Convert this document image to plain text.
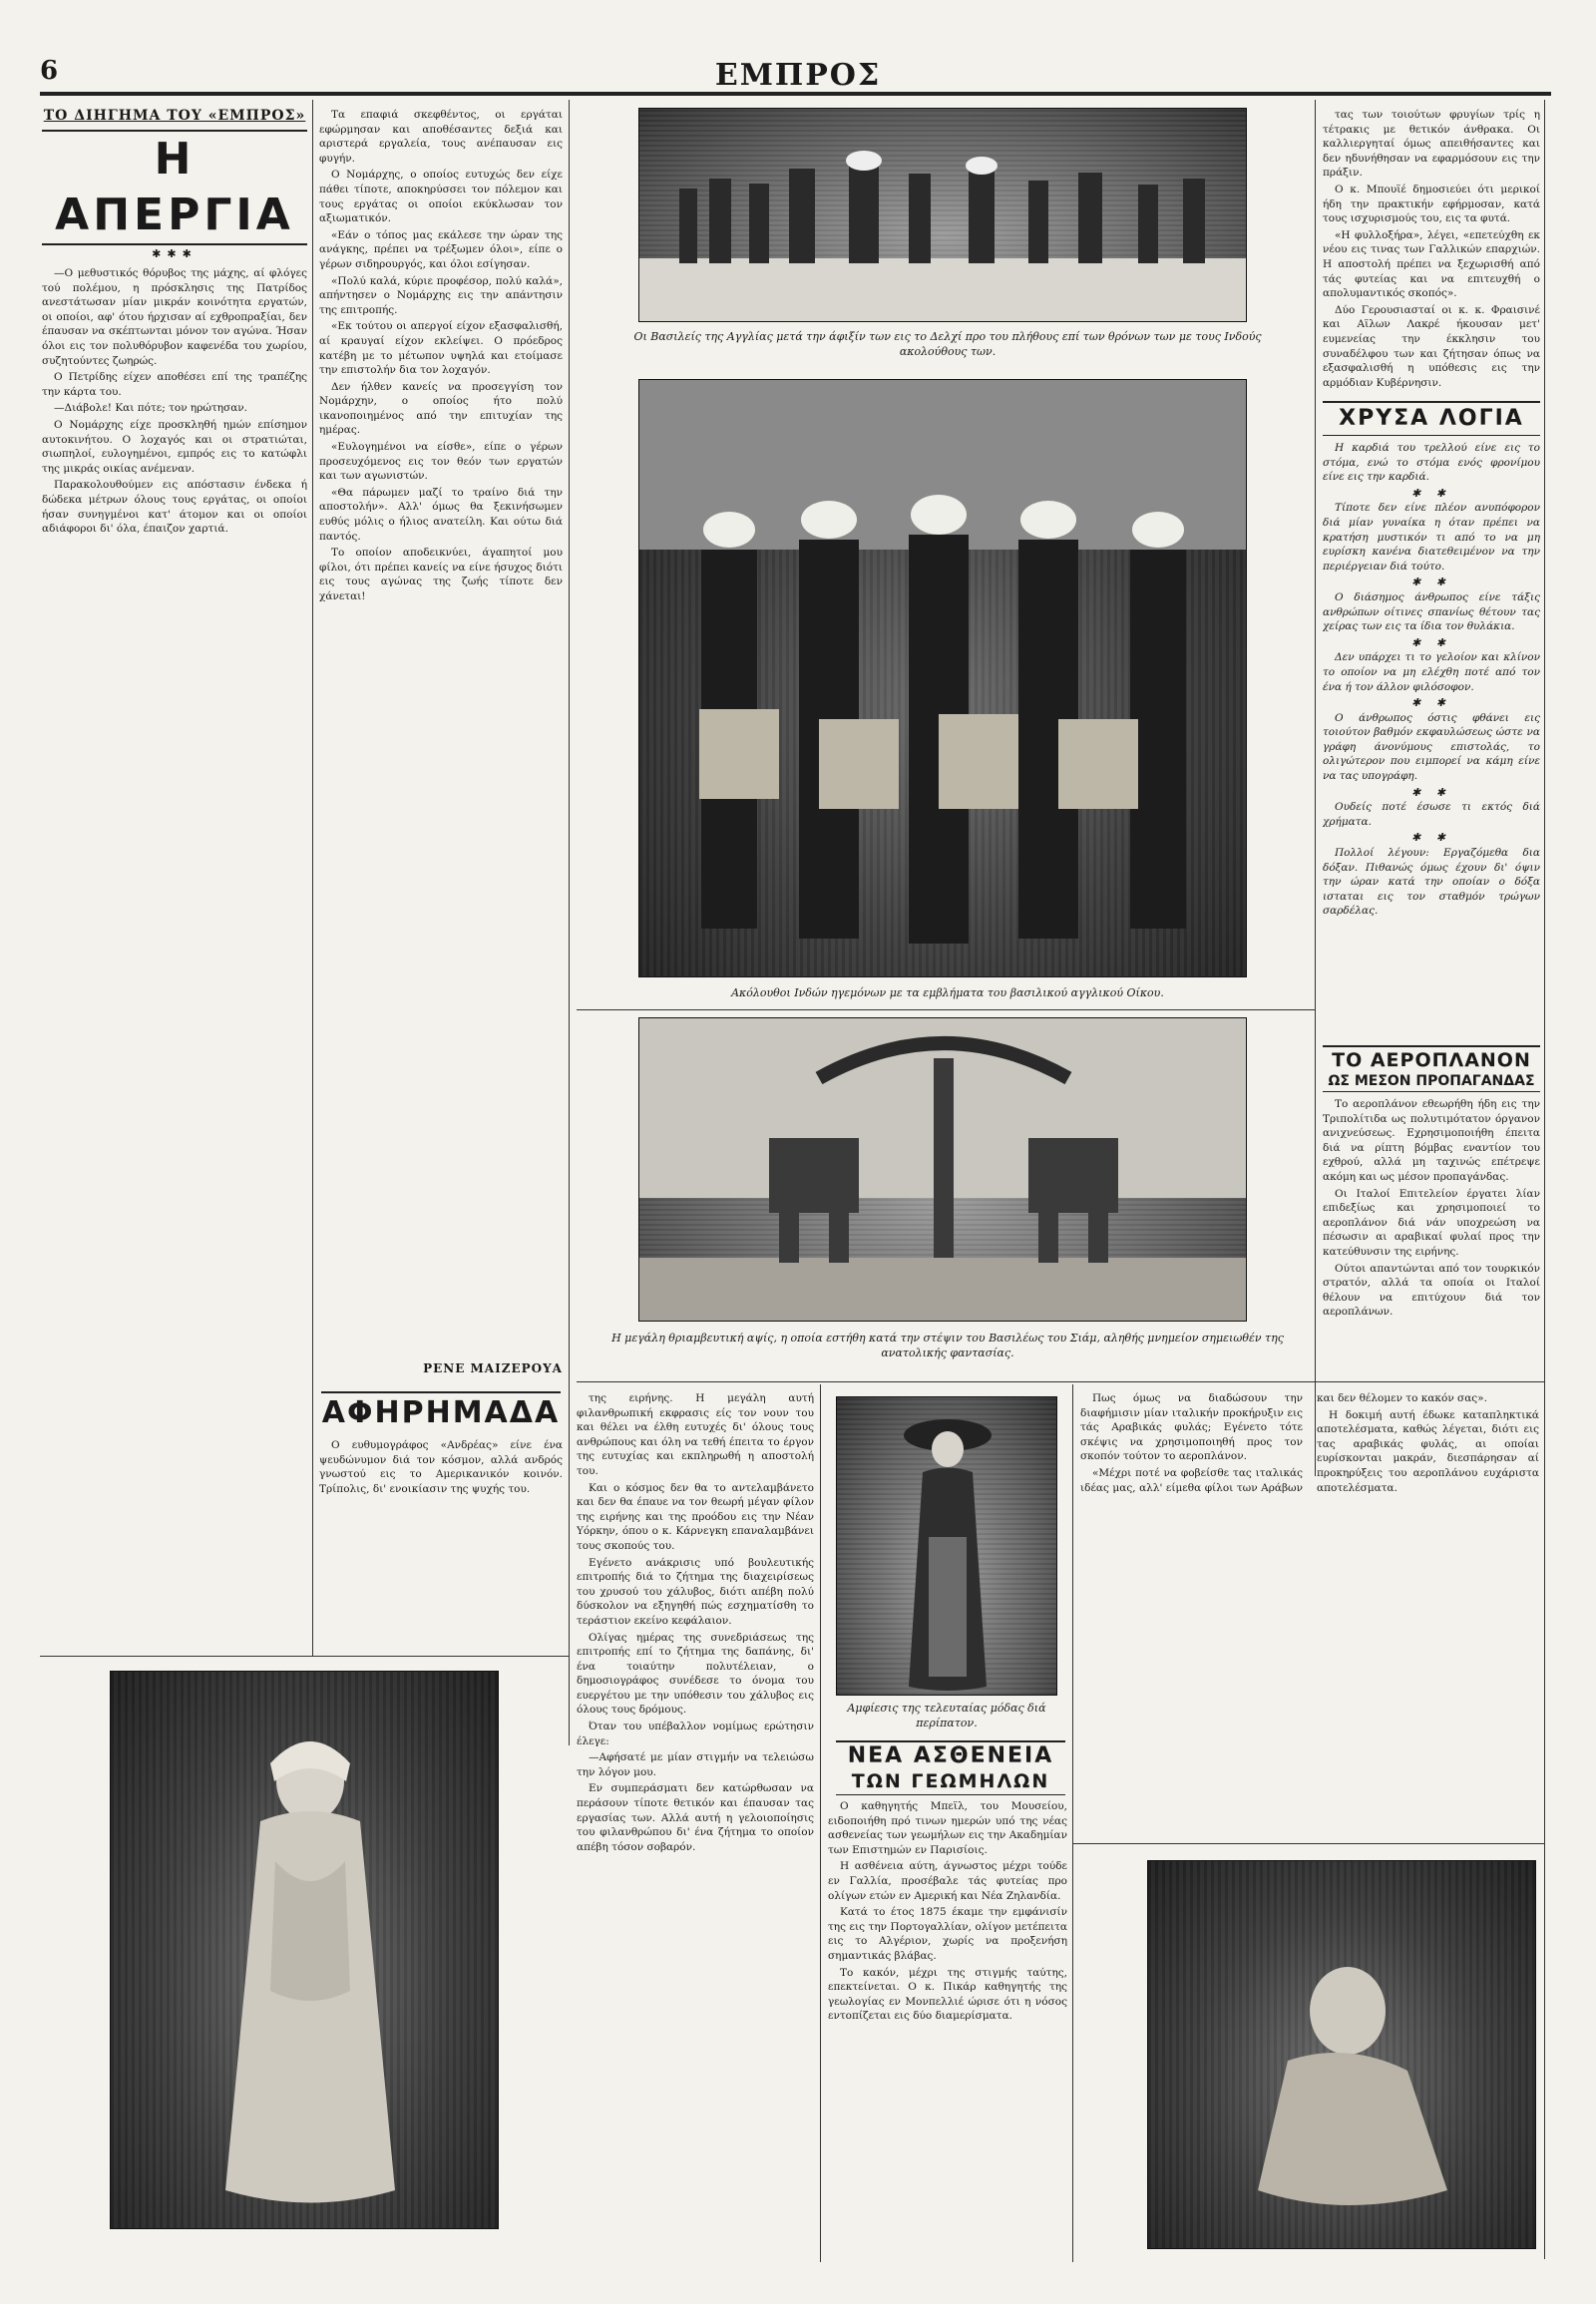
6	ΕΜΠΡΟΣ
ΤΟ ΔΙΗΓΗΜΑ ΤΟΥ «ΕΜΠΡΟΣ»
Η ΑΠΕΡΓΙΑ
✱✱✱

—Ο μεθυστικός θόρυβος της μάχης, αί φλόγες τού πολέμου, η πρόσκλησις της Πατρίδος ανεστάτωσαν μίαν μικράν κοινότητα εργατών, οι οποίοι, αφ' ότου ήρχισαν αί εχθροπραξίαι, δεν έπαυσαν να σκέπτωνται μόνον τον αγώνα. Ήσαν όλοι εις τον πολυθόρυβον καφενέδα του χωρίου, συζητούντες ζωηρώς.

Ο Πετρίδης είχεν αποθέσει επί της τραπέζης την κάρτα του.

—Διάβολε! Και πότε; τον ηρώτησαν.

Ο Νομάρχης είχε προσκληθή ημών επίσημον αυτοκινήτου. Ο λοχαγός και οι στρατιώται, σιωπηλοί, ευλογημένοι, εμπρός εις το κατώφλι της μικράς οικίας ανέμεναν.

Παρακολουθούμεν εις απόστασιν ένδεκα ή δώδεκα μέτρων όλους τους εργάτας, οι οποίοι ήσαν συνηγμένοι κατ' άτομον και οι οποίοι αδιάφοροι δι' όλα, έπαιζον χαρτιά.

Τα επαφιά σκεφθέντος, οι εργάται εφώρμησαν και αποθέσαντες δεξιά και αριστερά εργαλεία, τους ανέπαυσαν εις φυγήν.

Ο Νομάρχης, ο οποίος ευτυχώς δεν είχε πάθει τίποτε, αποκηρύσσει τον πόλεμον και τους εργάτας οι οποίοι εκύκλωσαν τον αξιωματικόν.

«Εάν ο τόπος μας εκάλεσε την ώραν της ανάγκης, πρέπει να τρέξωμεν όλοι», είπε ο γέρων σιδηρουργός, και όλοι εσίγησαν.

«Πολύ καλά, κύριε προφέσορ, πολύ καλά», απήντησεν ο Νομάρχης εις την απάντησιν της επιτροπής.

«Εκ τούτου οι απεργοί είχον εξασφαλισθή, αί κραυγαί είχον εκλείψει. Ο πρόεδρος κατέβη με το μέτωπον υψηλά και ετοίμασε την επιστολήν δια τον λοχαγόν.

Δεν ήλθεν κανείς να προσεγγίση τον Νομάρχην, ο οποίος ήτο πολύ ικανοποιημένος από την επιτυχίαν της ημέρας.

«Ευλογημένοι να είσθε», είπε ο γέρων προσευχόμενος εις τον θεόν των εργατών και των αγωνιστών.

«Θα πάρωμεν μαζί το τραίνο διά την αποστολήν». Αλλ' όμως θα ξεκινήσωμεν ευθύς μόλις ο ήλιος ανατείλη. Και ούτω διά παντός.

Το οποίον αποδεικνύει, άγαπητοί μου φίλοι, ότι πρέπει κανείς να είνε ήσυχος διότι εις τους αγώνας της ζωής τίποτε δεν χάνεται!

ΡΕΝΕ ΜΑΙΖΕΡΟΥΑ
ΑΦΗΡΗΜΑΔΑ

Ο ευθυμογράφος «Ανδρέας» είνε ένα ψευδώνυμον διά τον κόσμον, αλλά ανδρός γνωστού εις το Αμερικανικόν κοινόν. Τρίπολις, δι' ενοικίασιν της ψυχής του.

Οι Βασιλείς της Αγγλίας μετά την άφιξίν των εις το Δελχί προ του πλήθους επί των θρόνων των με τους Ινδούς ακολούθους των.
Ακόλουθοι Ινδών ηγεμόνων με τα εμβλήματα του βασιλικού αγγλικού Οίκου.
Η μεγάλη θριαμβευτική αψίς, η οποία εστήθη κατά την στέψιν του Βασιλέως του Σιάμ, αληθής μνημείον σημειωθέν της ανατολικής φαντασίας.

τας των τοιούτων φρυγίων τρίς η τέτρακις με θετικόν άνθρακα. Οι καλλιεργηταί όμως απειθήσαντες και δεν ηδυνήθησαν να εφαρμόσουν εις την πράξιν.

Ο κ. Μπουϊέ δημοσιεύει ότι μερικοί ήδη την πρακτικήν εφήρμοσαν, κατά τους ισχυρισμούς του, εις τα φυτά.

«Η φυλλοξήρα», λέγει, «επετεύχθη εκ νέου εις τινας των Γαλλικών επαρχιών. Η αποστολή πρέπει να ξεχωρισθή από τάς φυτείας και να επιτευχθή ο απολυμαντικός σκοπός».

Δύο Γερουσιασταί οι κ. κ. Φραισινέ και Αϊλων Λακρέ ήκουσαν μετ' ευμενείας την έκκλησιν του συναδέλφου των και ζήτησαν όπως να εξασφαλισθή η υπόθεσις εις την αρμόδιαν Κυβέρνησιν.

ΧΡΥΣΑ ΛΟΓΙΑ

Η καρδιά του τρελλού είνε εις το στόμα, ενώ το στόμα ενός φρονίμου είνε εις την καρδιά.

✱ ✱

Τίποτε δεν είνε πλέον ανυπόφορον διά μίαν γυναίκα η όταν πρέπει να κρατήση μυστικόν τι από το να μη ευρίσκη κανένα διατεθειμένον να την περιέργειαν διά τούτο.

✱ ✱

Ο διάσημος άνθρωπος είνε τάξις ανθρώπων οίτινες σπανίως θέτουν τας χείρας των εις τα ίδια τον θυλάκια.

✱ ✱

Δεν υπάρχει τι το γελοίον και κλίνον το οποίον να μη ελέχθη ποτέ από τον ένα ή τον άλλον φιλόσοφον.

✱ ✱

Ο άνθρωπος όστις φθάνει εις τοιούτον βαθμόν εκφαυλώσεως ώστε να γράφη άνονύμους επιστολάς, το ολιγώτερον που ειμπορεί να κάμη είνε να τας υπογράφη.

✱ ✱

Ουδείς ποτέ έσωσε τι εκτός διά χρήματα.

✱ ✱

Πολλοί λέγουν: Εργαζόμεθα δια δόξαν. Πιθανώς όμως έχουν δι' όψιν την ώραν κατά την οποίαν ο δόξα ισταται εις τον σταθμόν τρώγων σαρδέλας.

ΤΟ ΑΕΡΟΠΛΑΝΟΝ
ΩΣ ΜΕΣΟΝ ΠΡΟΠΑΓΑΝΔΑΣ

Το αεροπλάνον εθεωρήθη ήδη εις την Τριπολίτιδα ως πολυτιμότατον όργανον ανιχνεύσεως. Εχρησιμοποιήθη έπειτα διά να ρίπτη βόμβας εναντίον του εχθρού, αλλά μη ταχινώς επέτρεψε ακόμη και ως μέσον προπαγάνδας.

Οι Ιταλοί Επιτελείον έργατει λίαν επιδεξίως και χρησιμοποιεί το αεροπλάνον διά νάν υποχρεώση να πέσωσιν αι αραβικαί φυλαί προς την κατεύθυνσιν της ειρήνης.

Ούτοι απαντώνται από τον τουρκικόν στρατόν, αλλά τα οποία οι Ιταλοί θέλουν να επιτύχουν διά τον αεροπλάνων.

Πως όμως να διαδώσουν την διαφήμισιν μίαν ιταλικήν προκήρυξιν εις τάς Αραβικάς φυλάς; Εγένετο τότε σκέψις να χρησιμοποιηθή προς τον σκοπόν τούτον το αεροπλάνον.

«Μέχρι ποτέ να φοβείσθε τας ιταλικάς ιδέας μας, αλλ' είμεθα φίλοι των Αράβων και δεν θέλομεν το κακόν σας».

Η δοκιμή αυτή έδωκε καταπληκτικά αποτελέσματα, καθώς λέγεται, διότι εις τας αραβικάς φυλάς, αι οποίαι ευρίσκονται μακράν, διεσπάρησαν αί προκηρύξεις του αεροπλάνου ευχάριστα αποτελέσματα.

της ειρήνης. Η μεγάλη αυτή φιλανθρωπική εκφρασις είς τον νουν του και θέλει να έλθη ευτυχές δι' όλους τους ανθρώπους και όλη να τεθή έπειτα το έργον της ευτυχίας και εκπληρωθή η αποστολή του.

Και ο κόσμος δεν θα το αντελαμβάνετο και δεν θα έπαυε να τον θεωρή μέγαν φίλον της ειρήνης και της προόδου εις την Νέαν Υόρκην, όπου ο κ. Κάρνεγκη επαναλαμβάνει τους σκοπούς του.

Εγένετο ανάκρισις υπό βουλευτικής επιτροπής διά το ζήτημα της διαχειρίσεως του χρυσού του χάλυβος, διότι απέβη πολύ δύσκολον να εξηγηθή πώς εσχηματίσθη το τεράστιον εκείνο κεφάλαιον.

Ολίγας ημέρας της συνεδριάσεως της επιτροπής επί το ζήτημα της δαπάνης, δι' ένα τοιαύτην πολυτέλειαν, ο δημοσιογράφος συνέδεσε το όνομα του ευεργέτου με την υπόθεσιν του χάλυβος εις όλους τους δρόμους.

Όταν του υπέβαλλον νομίμως ερώτησιν έλεγε:

—Αφήσατέ με μίαν στιγμήν να τελειώσω την λόγον μου.

Εν συμπεράσματι δεν κατώρθωσαν να περάσουν τίποτε θετικόν και έπαυσαν τας εργασίας των. Αλλά αυτή η γελοιοποίησις του φιλανθρώπου δι' ένα ζήτημα το οποίον απέβη τόσον σοβαρόν.

Αμφίεσις της τελευταίας μόδας διά περίπατον.
ΝΕΑ ΑΣΘΕΝΕΙΑ
ΤΩΝ ΓΕΩΜΗΛΩΝ

Ο καθηγητής Μπεϊλ, του Μουσείου, ειδοποιήθη πρό τινων ημερών υπό της νέας ασθενείας των γεωμήλων εις την Ακαδημίαν των Επιστημών εν Παρισίοις.

Η ασθένεια αύτη, άγνωστος μέχρι τούδε εν Γαλλία, προσέβαλε τάς φυτείας προ ολίγων ετών εν Αμερική και Νέα Ζηλανδία.

Κατά το έτος 1875 έκαμε την εμφάνισίν της εις την Πορτογαλλίαν, ολίγον μετέπειτα εις το Αλγέριον, χωρίς να προξενήση σημαντικάς βλάβας.

Το κακόν, μέχρι της στιγμής ταύτης, επεκτείνεται. Ο κ. Πικάρ καθηγητής της γεωλογίας εν Μονπελλιέ ώρισε ότι η νόσος εντοπίζεται εις δύο διαμερίσματα.
